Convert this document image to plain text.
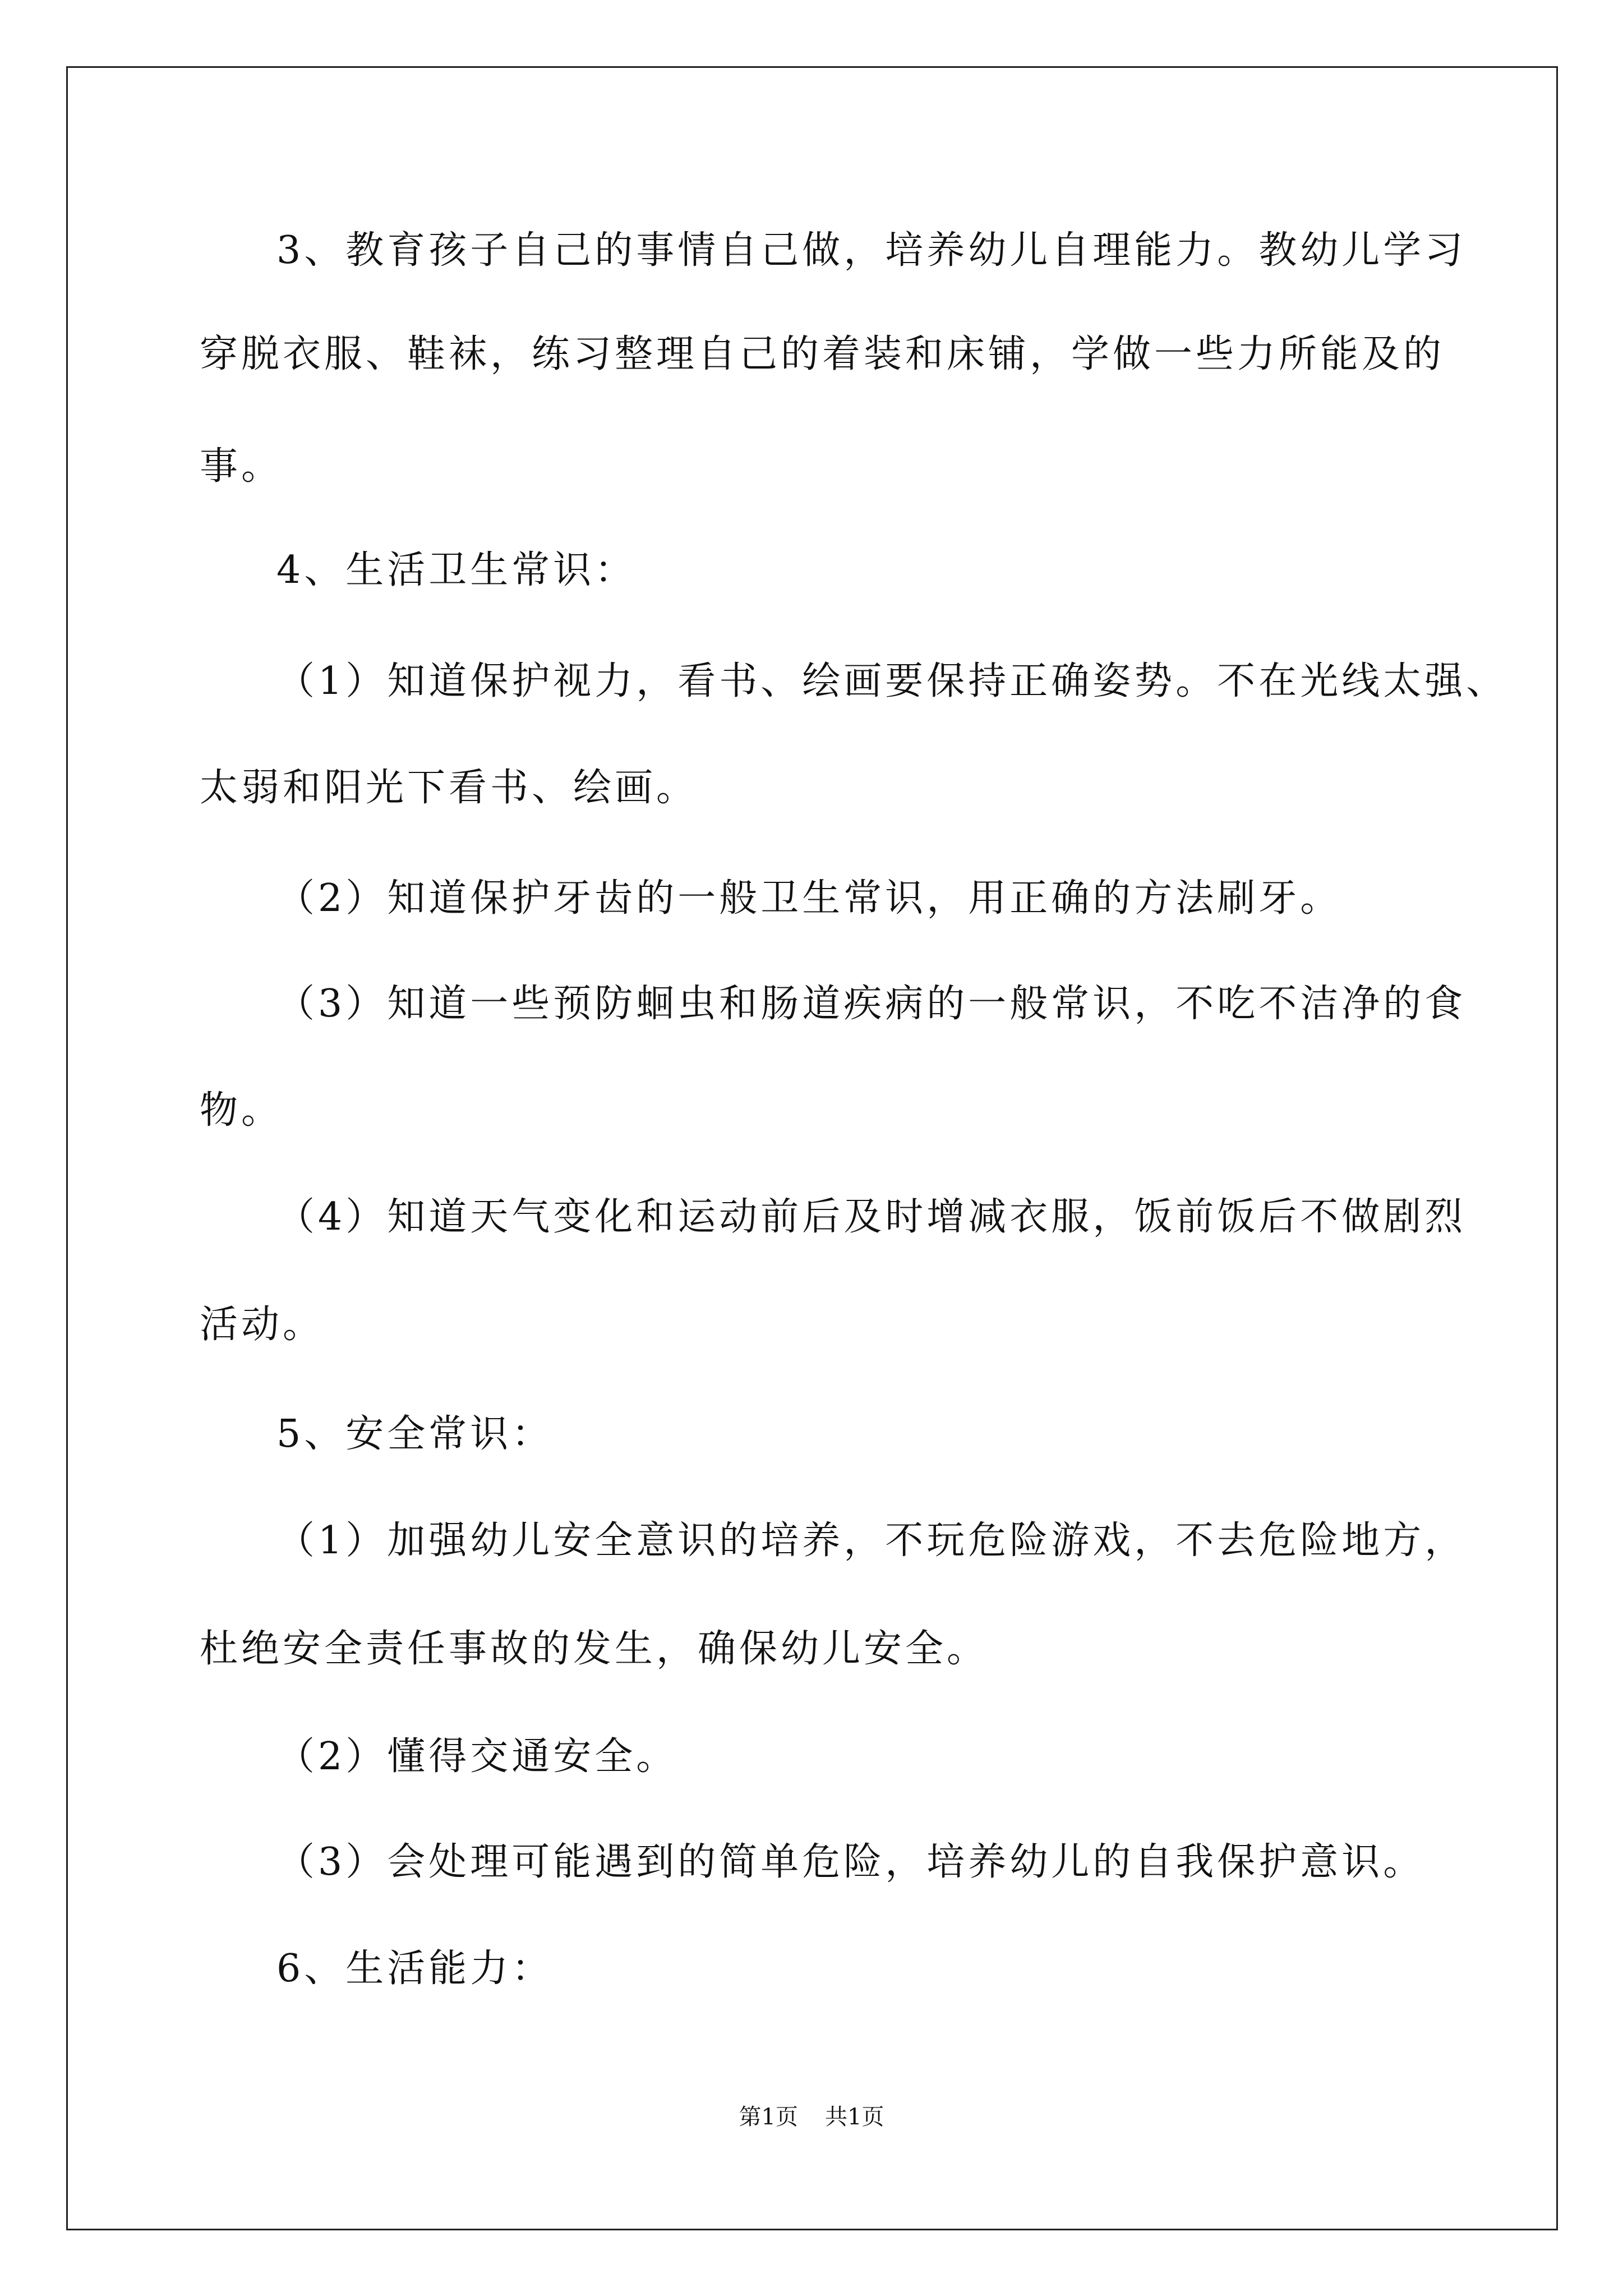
3、教育孩子自己的事情自己做，培养幼儿自理能力。教幼儿学习
穿脱衣服、鞋袜，练习整理自己的着装和床铺，学做一些力所能及的
事。
4、生活卫生常识：
（1）知道保护视力，看书、绘画要保持正确姿势。不在光线太强、
太弱和阳光下看书、绘画。
（2）知道保护牙齿的一般卫生常识，用正确的方法刷牙。
（3）知道一些预防蛔虫和肠道疾病的一般常识，不吃不洁净的食
物。
（4）知道天气变化和运动前后及时增减衣服，饭前饭后不做剧烈
活动。
5、安全常识：
（1）加强幼儿安全意识的培养，不玩危险游戏，不去危险地方，
杜绝安全责任事故的发生，确保幼儿安全。
（2）懂得交通安全。
（3）会处理可能遇到的简单危险，培养幼儿的自我保护意识。
6、生活能力：
第1页 共1页
